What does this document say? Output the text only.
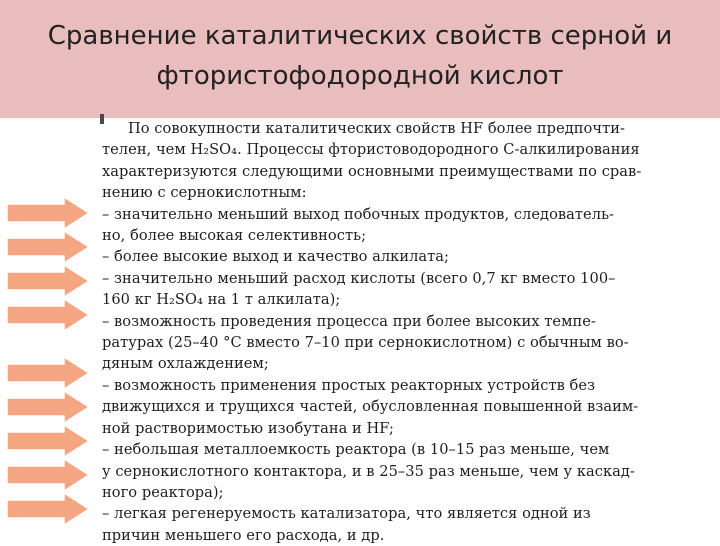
Сравнение каталитических свойств серной и
фтористофодородной кислот
По совокупности каталитических свойств HF более предпочти-
телен, чем H₂SO₄. Процессы фтористоводородного С-алкилирования
характеризуются следующими основными преимуществами по срав-
нению с сернокислотным:
– значительно меньший выход побочных продуктов, следователь-
но, более высокая селективность;
– более высокие выход и качество алкилата;
– значительно меньший расход кислоты (всего 0,7 кг вместо 100–
160 кг H₂SO₄ на 1 т алкилата);
– возможность проведения процесса при более высоких темпе-
ратурах (25–40 °С вместо 7–10 при сернокислотном) с обычным во-
дяным охлаждением;
– возможность применения простых реакторных устройств без
движущихся и трущихся частей, обусловленная повышенной взаим-
ной растворимостью изобутана и HF;
– небольшая металлоемкость реактора (в 10–15 раз меньше, чем
у сернокислотного контактора, и в 25–35 раз меньше, чем у каскад-
ного реактора);
– легкая регенеруемость катализатора, что является одной из
причин меньшего его расхода, и др.
